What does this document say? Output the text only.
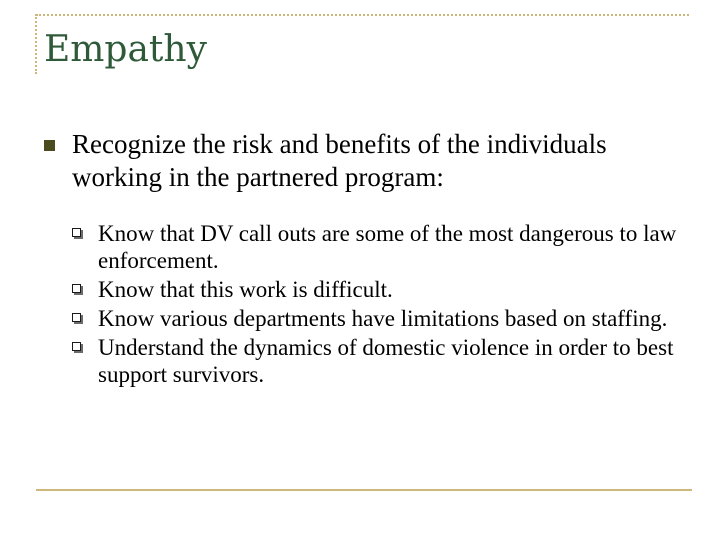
Empathy

Recognize the risk and benefits of the individuals working in the partnered program:

Know that DV call outs are some of the most dangerous to law enforcement.
Know that this work is difficult.
Know various departments have limitations based on staffing.
Understand the dynamics of domestic violence in order to best support survivors.
